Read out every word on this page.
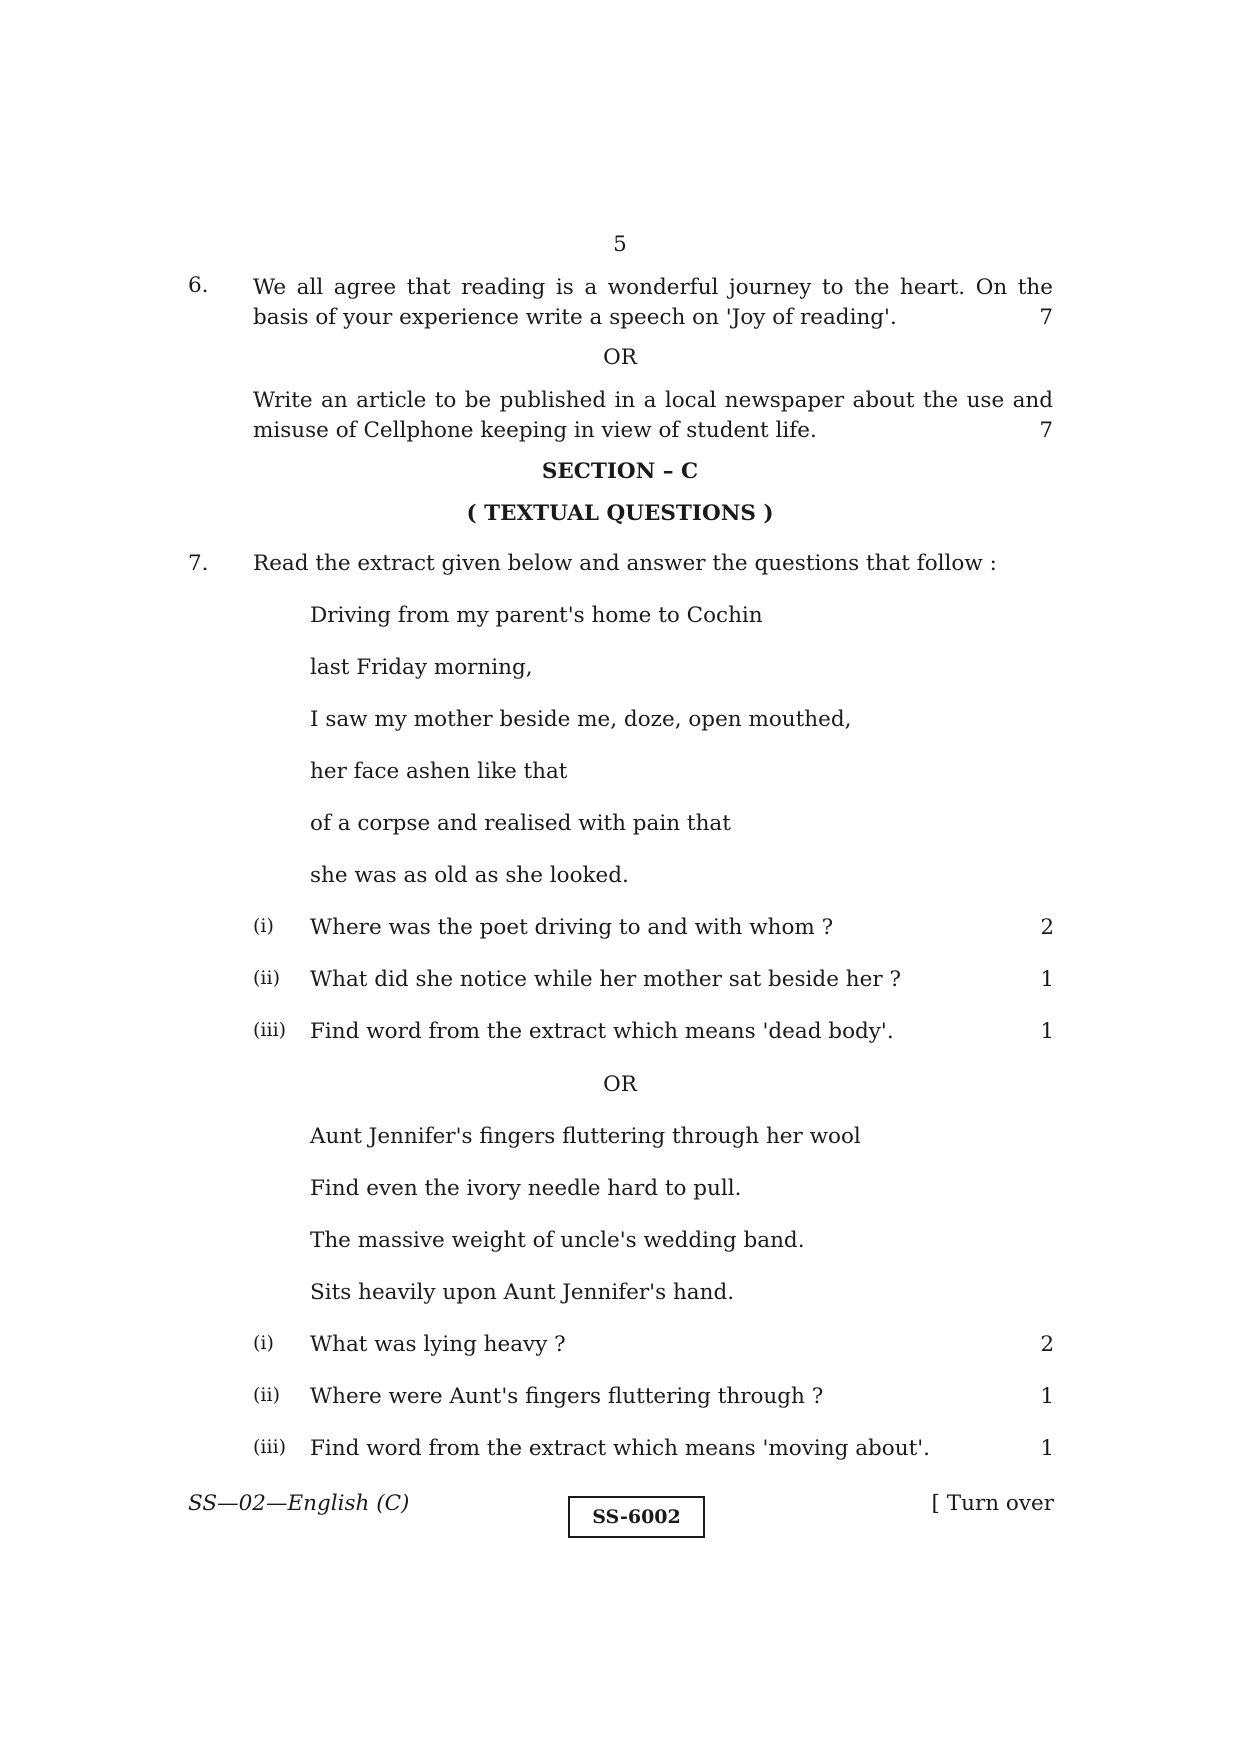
5
6. We all agree that reading is a wonderful journey to the heart. On the basis of your experience write a speech on 'Joy of reading'.	7
OR
Write an article to be published in a local newspaper about the use and misuse of Cellphone keeping in view of student life.	7
SECTION – C
( TEXTUAL QUESTIONS )
7. Read the extract given below and answer the questions that follow :
Driving from my parent's home to Cochin
last Friday morning,
I saw my mother beside me, doze, open mouthed,
her face ashen like that
of a corpse and realised with pain that
she was as old as she looked.
(i) Where was the poet driving to and with whom ?	2
(ii) What did she notice while her mother sat beside her ?	1
(iii) Find word from the extract which means 'dead body'.	1
OR
Aunt Jennifer's fingers fluttering through her wool
Find even the ivory needle hard to pull.
The massive weight of uncle's wedding band.
Sits heavily upon Aunt Jennifer's hand.
(i) What was lying heavy ?	2
(ii) Where were Aunt's fingers fluttering through ?	1
(iii) Find word from the extract which means 'moving about'.	1
SS—02—English (C)
SS-6002
[ Turn over
